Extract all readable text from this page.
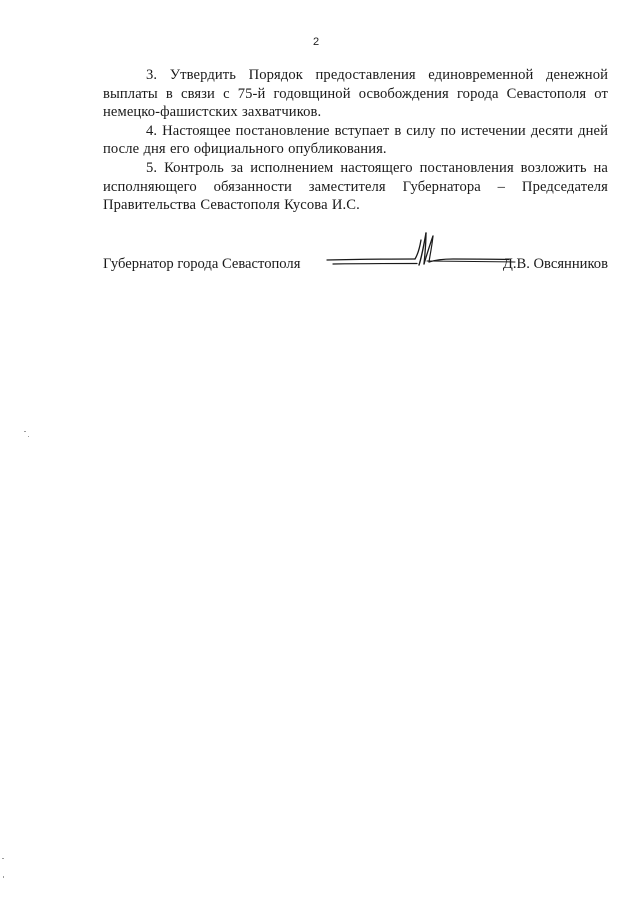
2

3. Утвердить Порядок предоставления единовременной денежной выплаты в связи с 75-й годовщиной освобождения города Севастополя от немецко-фашистских захватчиков.

4. Настоящее постановление вступает в силу по истечении десяти дней после дня его официального опубликования.

5. Контроль за исполнением настоящего постановления возложить на исполняющего обязанности заместителя Губернатора – Председателя Правительства Севастополя Кусова И.С.

Губернатор города Севастополя	Д.В. Овсянников
